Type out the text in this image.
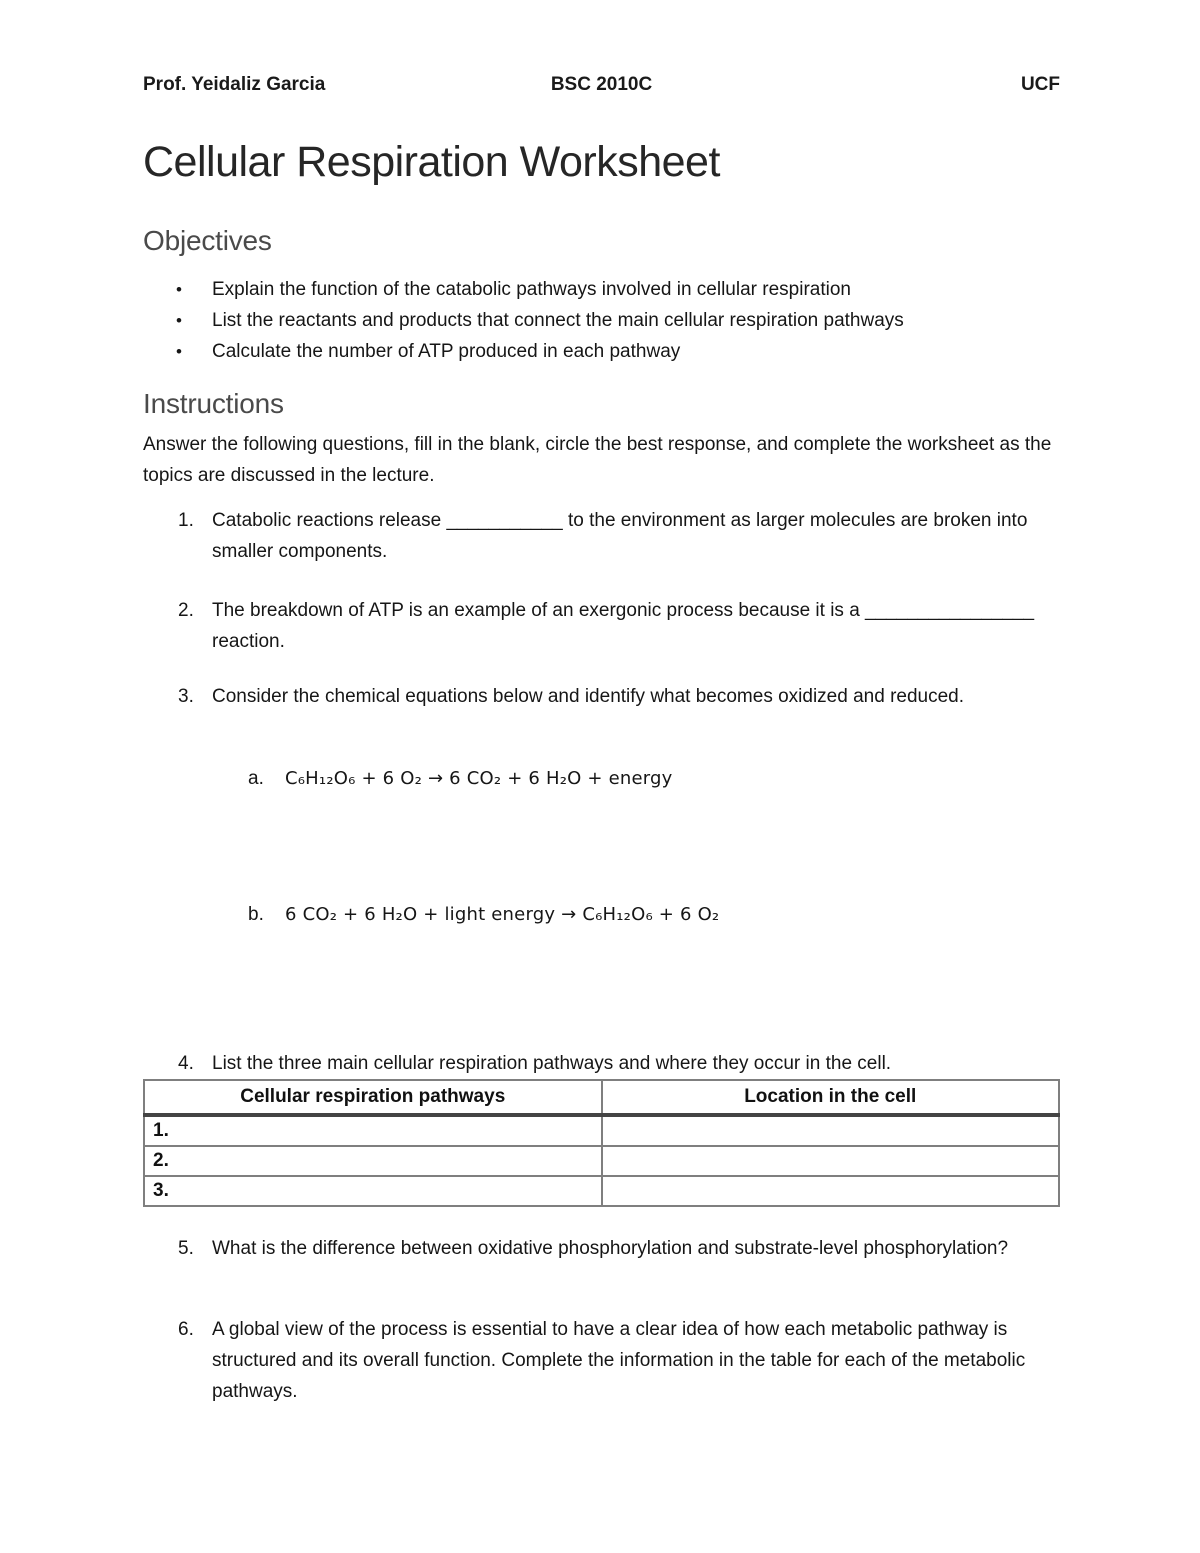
Prof. Yeidaliz Garcia	BSC 2010C	UCF
Cellular Respiration Worksheet
Objectives
• Explain the function of the catabolic pathways involved in cellular respiration
• List the reactants and products that connect the main cellular respiration pathways
• Calculate the number of ATP produced in each pathway
Instructions

Answer the following questions, fill in the blank, circle the best response, and complete the worksheet as the topics are discussed in the lecture.

1. Catabolic reactions release ___________ to the environment as larger molecules are broken into smaller components.
2. The breakdown of ATP is an example of an exergonic process because it is a ________________ reaction.
3. Consider the chemical equations below and identify what becomes oxidized and reduced.
a.	C₆H₁₂O₆ + 6 O₂ → 6 CO₂ + 6 H₂O + energy
b.	6 CO₂ + 6 H₂O + light energy → C₆H₁₂O₆ + 6 O₂
4. List the three main cellular respiration pathways and where they occur in the cell.
Cellular respiration pathways	Location in the cell
1.	
2.	
3.	
5. What is the difference between oxidative phosphorylation and substrate-level phosphorylation?
6. A global view of the process is essential to have a clear idea of how each metabolic pathway is structured and its overall function. Complete the information in the table for each of the metabolic pathways.
